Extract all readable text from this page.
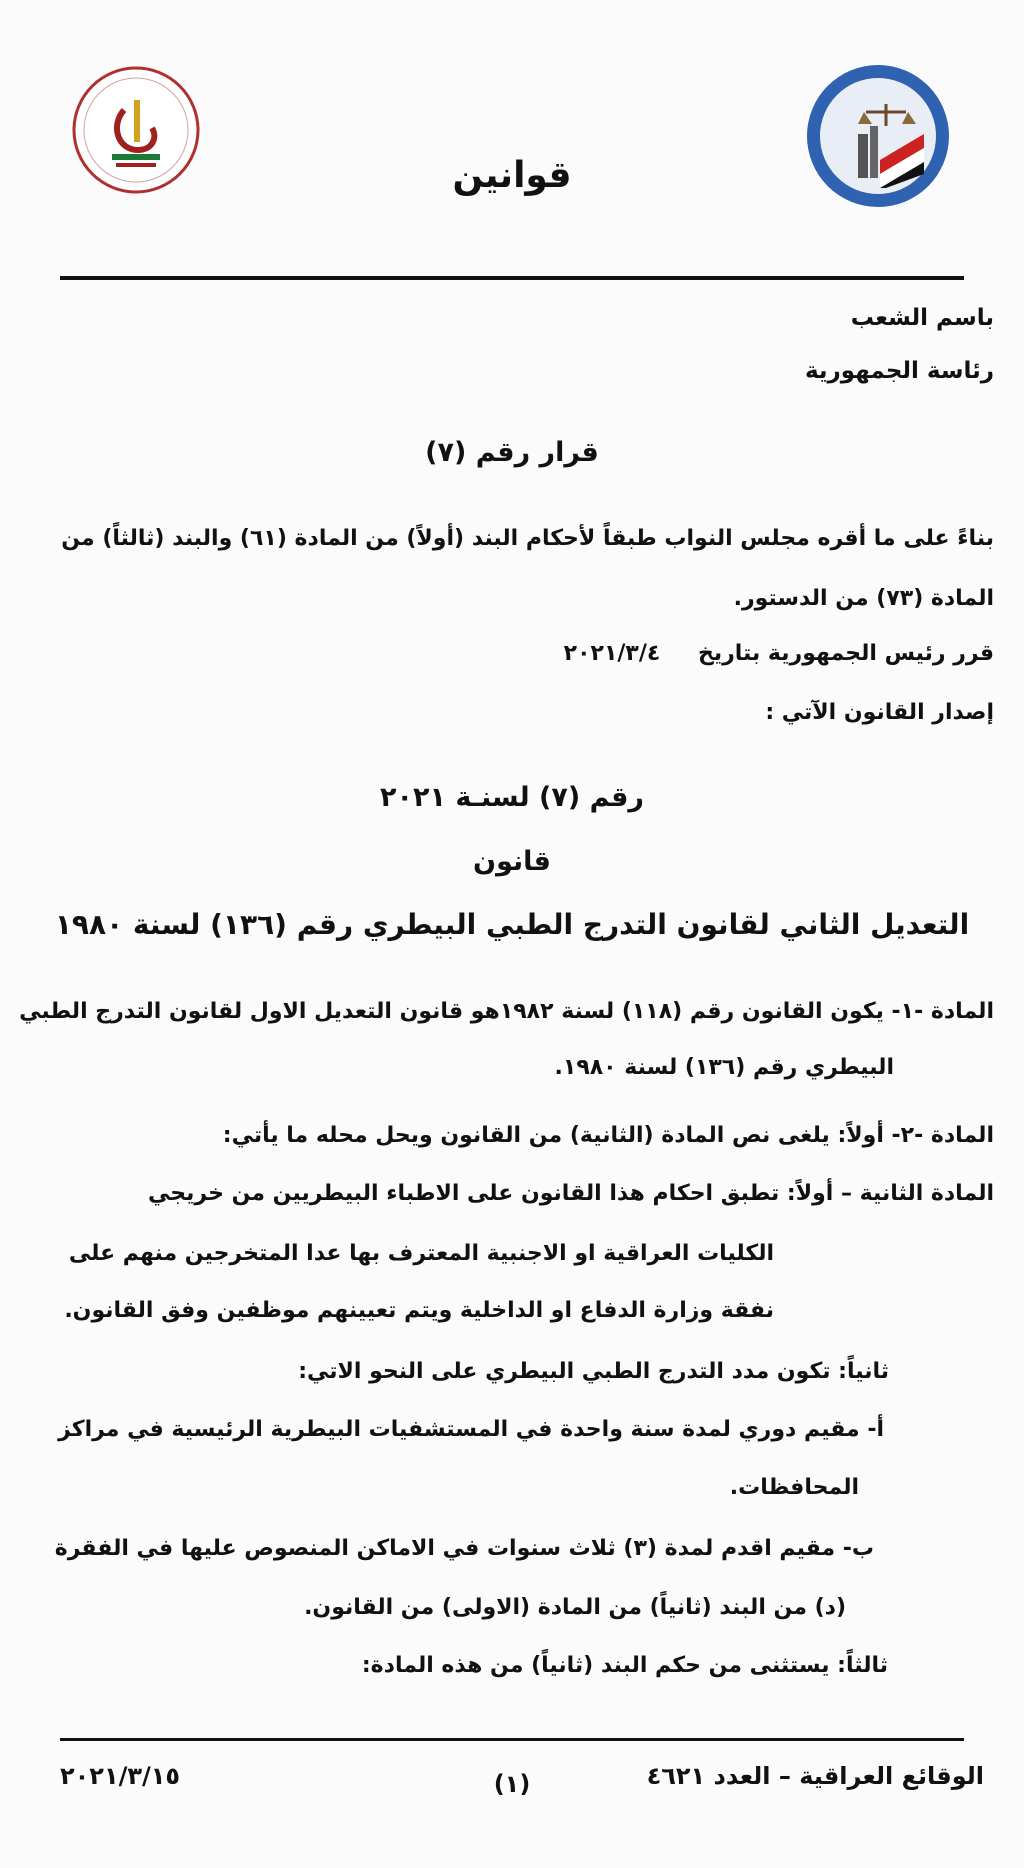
قوانين
باسم الشعب
رئاسة الجمهورية
قرار رقم (٧)
بناءً على ما أقره مجلس النواب طبقاً لأحكام البند (أولاً) من المادة (٦١) والبند (ثالثاً) من
المادة (٧٣) من الدستور.
قرر رئيس الجمهورية بتاريخ ٢٠٢١/٣/٤
إصدار القانون الآتي :
رقم (٧) لسنـة ٢٠٢١
قانون
التعديل الثاني لقانون التدرج الطبي البيطري رقم (١٣٦) لسنة ١٩٨٠
المادة -١- يكون القانون رقم (١١٨) لسنة ١٩٨٢هو قانون التعديل الاول لقانون التدرج الطبي
البيطري رقم (١٣٦) لسنة ١٩٨٠.
المادة -٢- أولاً: يلغى نص المادة (الثانية) من القانون ويحل محله ما يأتي:
المادة الثانية – أولاً: تطبق احكام هذا القانون على الاطباء البيطريين من خريجي
الكليات العراقية او الاجنبية المعترف بها عدا المتخرجين منهم على
نفقة وزارة الدفاع او الداخلية ويتم تعيينهم موظفين وفق القانون.
ثانياً: تكون مدد التدرج الطبي البيطري على النحو الاتي:
أ- مقيم دوري لمدة سنة واحدة في المستشفيات البيطرية الرئيسية في مراكز
المحافظات.
ب- مقيم اقدم لمدة (٣) ثلاث سنوات في الاماكن المنصوص عليها في الفقرة
(د) من البند (ثانياً) من المادة (الاولى) من القانون.
ثالثاً: يستثنى من حكم البند (ثانياً) من هذه المادة:
الوقائع العراقية – العدد ٤٦٢١
(١)
٢٠٢١/٣/١٥
